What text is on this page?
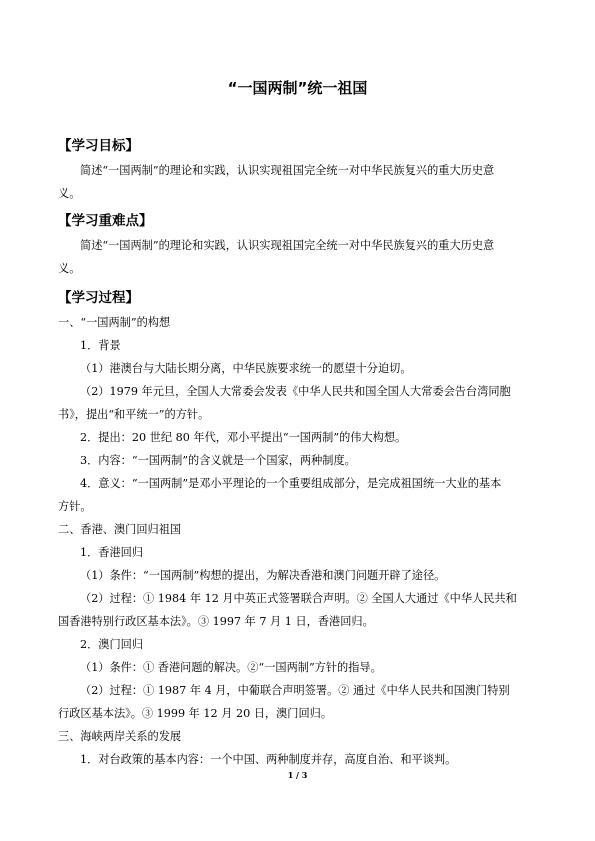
“一国两制”统一祖国
【学习目标】
简述“一国两制”的理论和实践，认识实现祖国完全统一对中华民族复兴的重大历史意
义。
【学习重难点】
简述“一国两制”的理论和实践，认识实现祖国完全统一对中华民族复兴的重大历史意
义。
【学习过程】
一、“一国两制”的构想
1．背景
（1）港澳台与大陆长期分离，中华民族要求统一的愿望十分迫切。
（2）1979 年元旦，全国人大常委会发表《中华人民共和国全国人大常委会告台湾同胞
书》，提出“和平统一”的方针。
2．提出：20 世纪 80 年代，邓小平提出“一国两制”的伟大构想。
3．内容：“一国两制”的含义就是一个国家，两种制度。
4．意义：“一国两制”是邓小平理论的一个重要组成部分，是完成祖国统一大业的基本
方针。
二、香港、澳门回归祖国
1．香港回归
（1）条件：“一国两制”构想的提出，为解决香港和澳门问题开辟了途径。
（2）过程：① 1984 年 12 月中英正式签署联合声明。② 全国人大通过《中华人民共和
国香港特别行政区基本法》。③ 1997 年 7 月 1 日，香港回归。
2．澳门回归
（1）条件：① 香港问题的解决。②“一国两制”方针的指导。
（2）过程：① 1987 年 4 月，中葡联合声明签署。② 通过《中华人民共和国澳门特别
行政区基本法》。③ 1999 年 12 月 20 日，澳门回归。
三、海峡两岸关系的发展
1．对台政策的基本内容：一个中国、两种制度并存，高度自治、和平谈判。
1 / 3
